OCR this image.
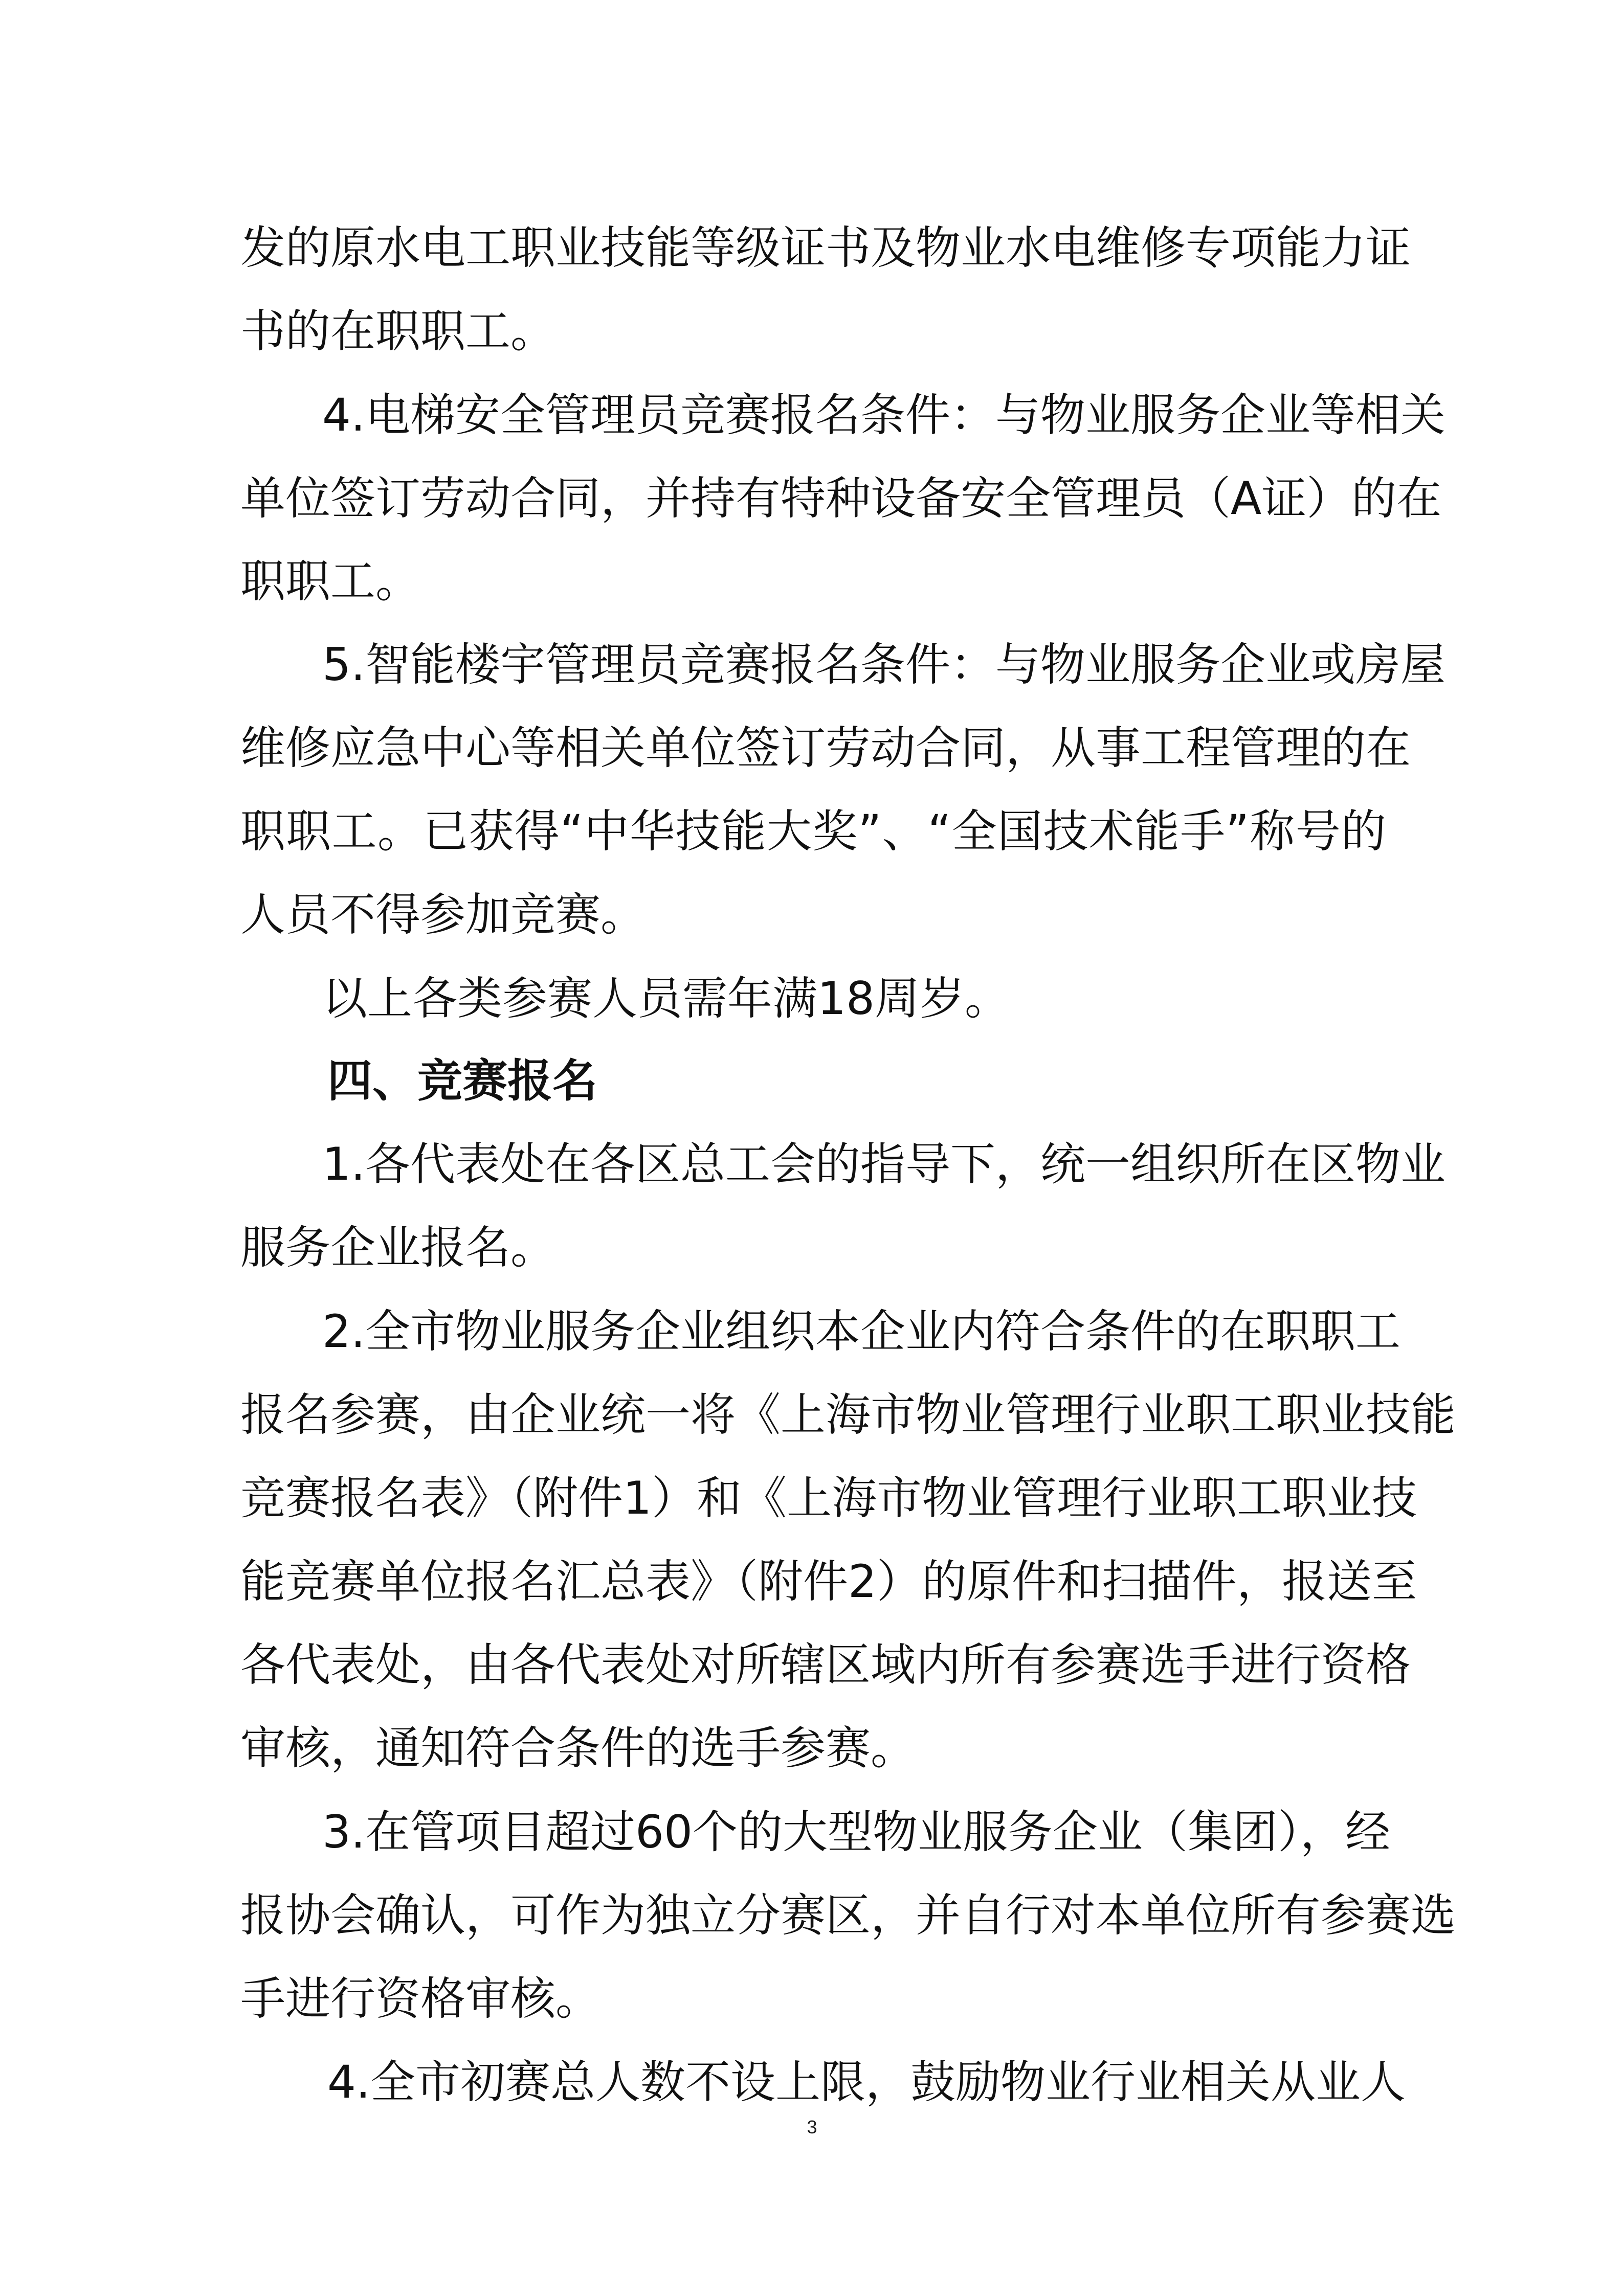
发的原水电工职业技能等级证书及物业水电维修专项能力证
书的在职职工。
4.电梯安全管理员竞赛报名条件：与物业服务企业等相关
单位签订劳动合同，并持有特种设备安全管理员（A证）的在
职职工。
5.智能楼宇管理员竞赛报名条件：与物业服务企业或房屋
维修应急中心等相关单位签订劳动合同，从事工程管理的在
职职工。已获得“中华技能大奖”、“全国技术能手”称号的
人员不得参加竞赛。
以上各类参赛人员需年满18周岁。
四、竞赛报名
1.各代表处在各区总工会的指导下，统一组织所在区物业
服务企业报名。
2.全市物业服务企业组织本企业内符合条件的在职职工
报名参赛，由企业统一将《上海市物业管理行业职工职业技能
竞赛报名表》（附件1）和《上海市物业管理行业职工职业技
能竞赛单位报名汇总表》（附件2）的原件和扫描件，报送至
各代表处，由各代表处对所辖区域内所有参赛选手进行资格
审核，通知符合条件的选手参赛。
3.在管项目超过60个的大型物业服务企业（集团），经
报协会确认，可作为独立分赛区，并自行对本单位所有参赛选
手进行资格审核。
4.全市初赛总人数不设上限，鼓励物业行业相关从业人
3
